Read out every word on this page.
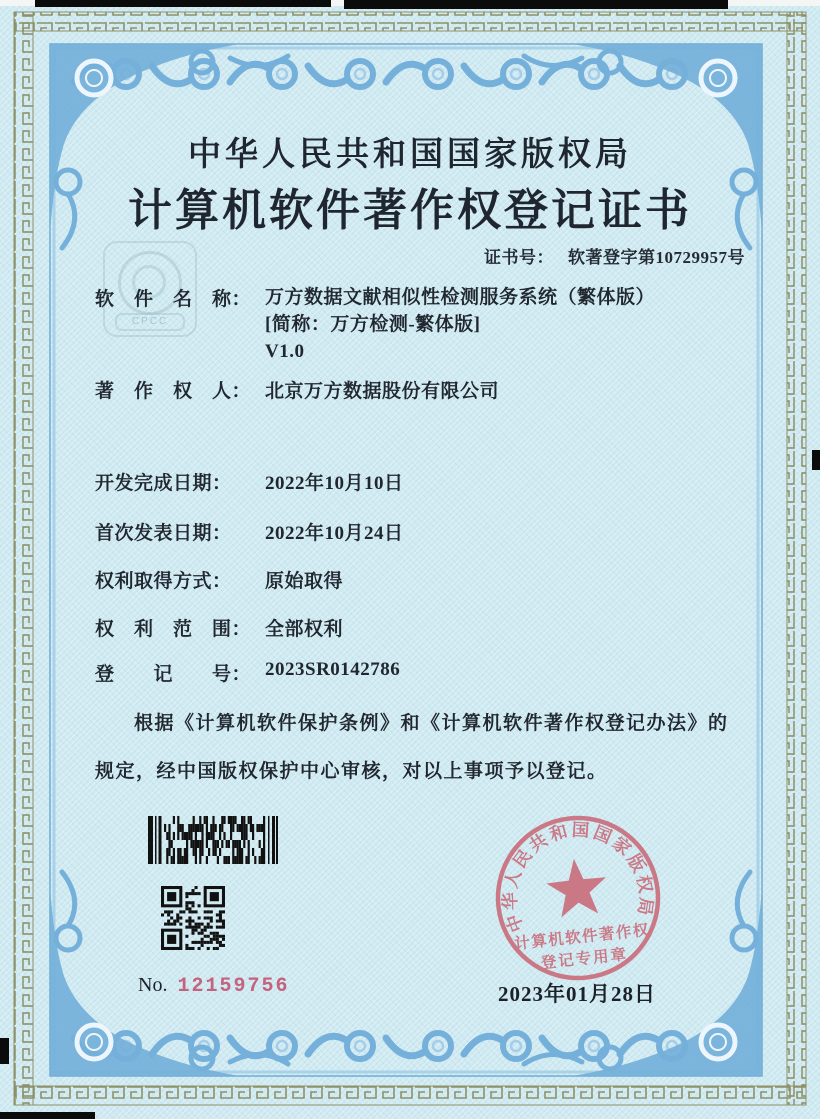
CPCC
中华人民共和国国家版权局
计算机软件著作权登记证书
证书号： 软著登字第10729957号
软　件　名　称： 万方数据文献相似性检测服务系统（繁体版）
[简称：万方检测-繁体版]
V1.0
著　作　权　人： 北京万方数据股份有限公司
开发完成日期：	2022年10月10日
首次发表日期：	2022年10月24日
权利取得方式：	原始取得
权　利　范　围： 全部权利
登　　记　　号： 2023SR0142786
根据《计算机软件保护条例》和《计算机软件著作权登记办法》的
规定，经中国版权保护中心审核，对以上事项予以登记。
No. 12159756	2023年01月28日
中华人民共和国国家版权局
计算机软件著作权
登记专用章
